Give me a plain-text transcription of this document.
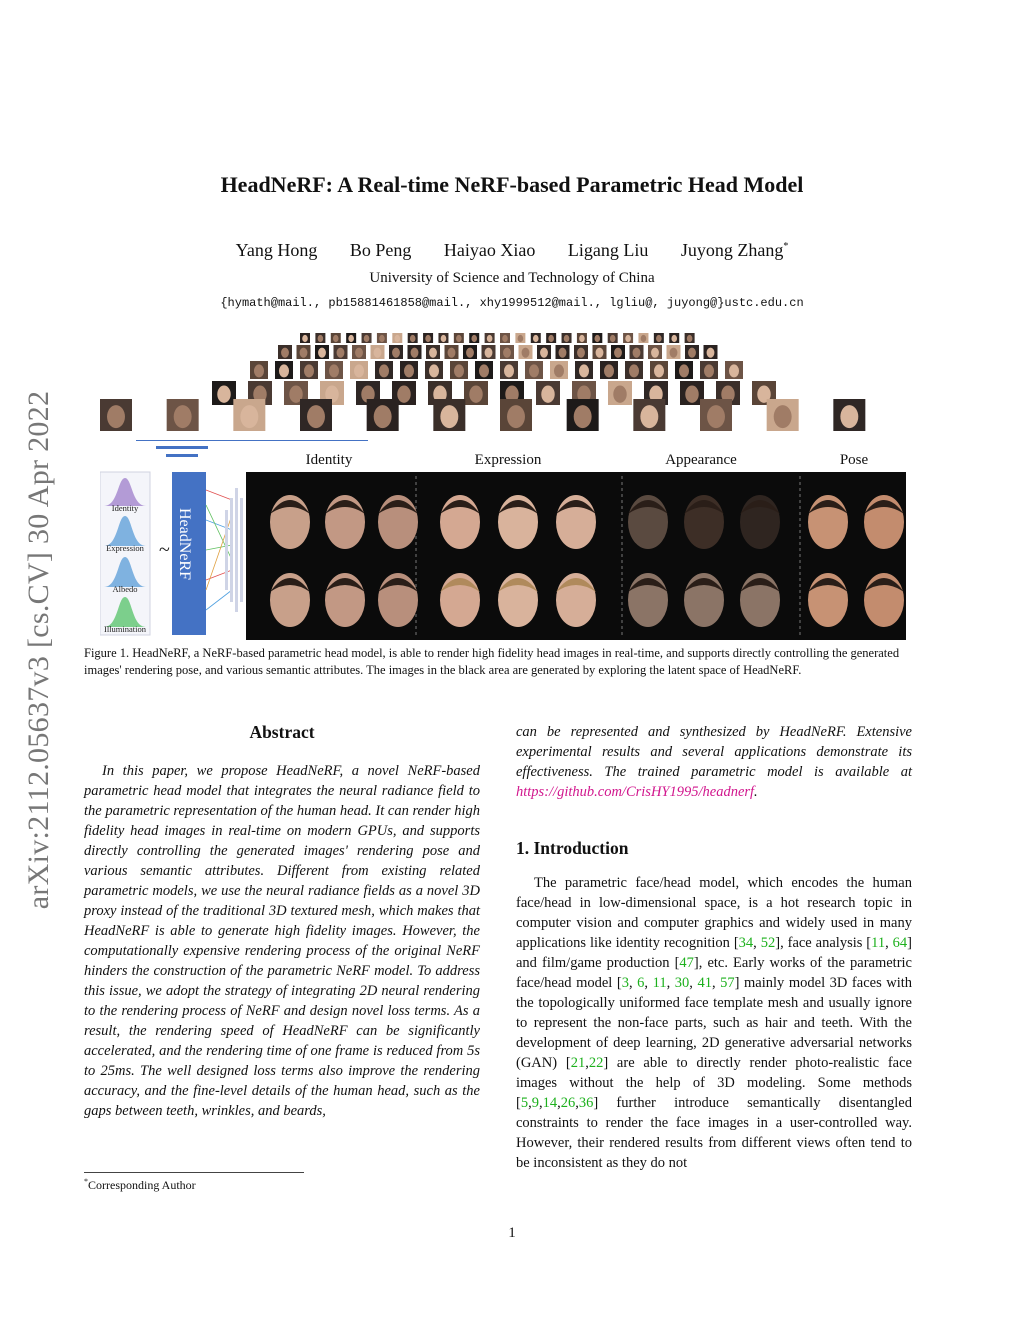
arXiv:2112.05637v3 [cs.CV] 30 Apr 2022
HeadNeRF: A Real-time NeRF-based Parametric Head Model
Yang Hong Bo Peng Haiyao Xiao Ligang Liu Juyong Zhang*
University of Science and Technology of China
{hymath@mail., pb15881461858@mail., xhy1999512@mail., lgliu@, juyong@}ustc.edu.cn
Identity
Expression
Albedo
Illumination
~ HeadNeRF
Identity	Expression	Appearance	Pose
Figure 1. HeadNeRF, a NeRF-based parametric head model, is able to render high fidelity head images in real-time, and supports directly controlling the generated images' rendering pose, and various semantic attributes. The images in the black area are generated by exploring the latent space of HeadNeRF.
Abstract

In this paper, we propose HeadNeRF, a novel NeRF-based parametric head model that integrates the neural radiance field to the parametric representation of the human head. It can render high fidelity head images in real-time on modern GPUs, and supports directly controlling the generated images' rendering pose and various semantic attributes. Different from existing related parametric models, we use the neural radiance fields as a novel 3D proxy instead of the traditional 3D textured mesh, which makes that HeadNeRF is able to generate high fidelity images. However, the computationally expensive rendering process of the original NeRF hinders the construction of the parametric NeRF model. To address this issue, we adopt the strategy of integrating 2D neural rendering to the rendering process of NeRF and design novel loss terms. As a result, the rendering speed of HeadNeRF can be significantly accelerated, and the rendering time of one frame is reduced from 5s to 25ms. The well designed loss terms also improve the rendering accuracy, and the fine-level details of the human head, such as the gaps between teeth, wrinkles, and beards,

can be represented and synthesized by HeadNeRF. Extensive experimental results and several applications demonstrate its effectiveness. The trained parametric model is available at https://github.com/CrisHY1995/headnerf.

1. Introduction

The parametric face/head model, which encodes the human face/head in low-dimensional space, is a hot research topic in computer vision and computer graphics and widely used in many applications like identity recognition [34, 52], face analysis [11, 64] and film/game production [47], etc. Early works of the parametric face/head model [3, 6, 11, 30, 41, 57] mainly model 3D faces with the topologically uniformed face template mesh and usually ignore to represent the non-face parts, such as hair and teeth. With the development of deep learning, 2D generative adversarial networks (GAN) [21,22] are able to directly render photo-realistic face images without the help of 3D modeling. Some methods [5,9,14,26,36] further introduce semantically disentangled constraints to render the face images in a user-controlled way. However, their rendered results from different views often tend to be inconsistent as they do not

*Corresponding Author
1
